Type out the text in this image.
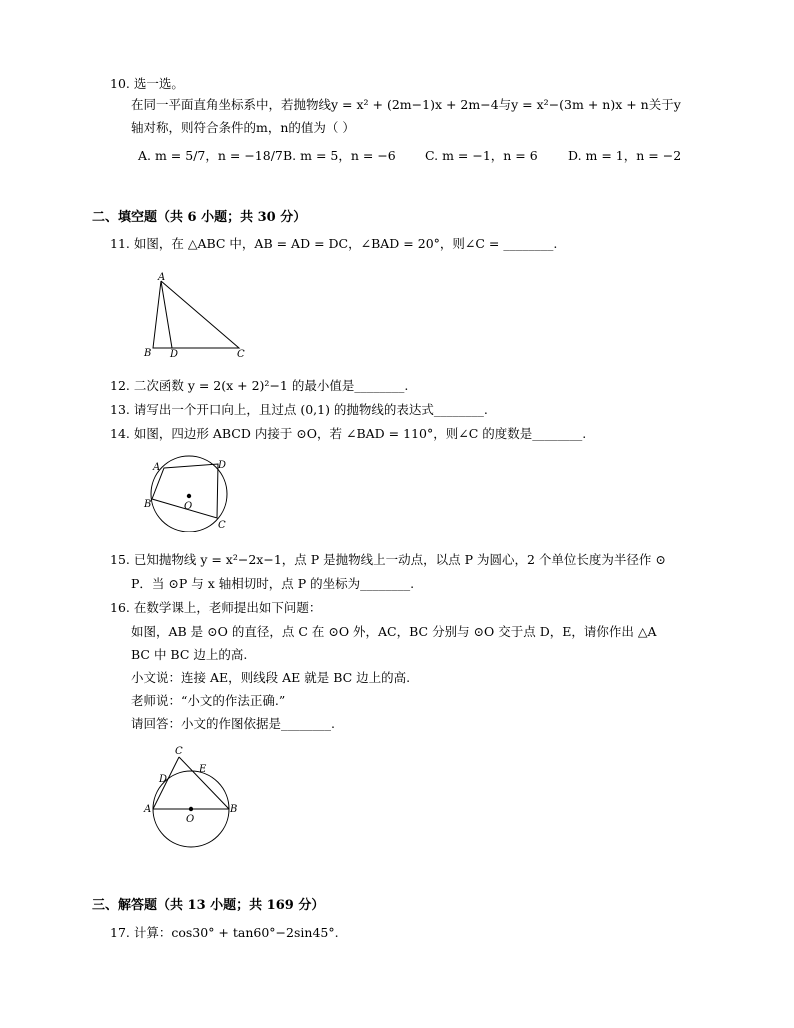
10. 选一选。
在同一平面直角坐标系中，若抛物线y = x² + (2m−1)x + 2m−4与y = x²−(3m + n)x + n关于y
轴对称，则符合条件的m，n的值为（ ）
A. m = 5/7，n = −18/7 B. m = 5，n = −6 C. m = −1，n = 6 D. m = 1，n = −2
二、填空题（共 6 小题；共 30 分）
11. 如图，在 △ABC 中，AB = AD = DC，∠BAD = 20°，则∠C = ________.
A
B D	C
12. 二次函数 y = 2(x + 2)²−1 的最小值是________.
13. 请写出一个开口向上，且过点 (0,1) 的抛物线的表达式________.
14. 如图，四边形 ABCD 内接于 ⊙O，若 ∠BAD = 110°，则∠C 的度数是________.
A
B
C
D
O
15. 已知抛物线 y = x²−2x−1，点 P 是抛物线上一动点，以点 P 为圆心，2 个单位长度为半径作 ⊙
P．当 ⊙P 与 x 轴相切时，点 P 的坐标为________.
16. 在数学课上，老师提出如下问题：
如图，AB 是 ⊙O 的直径，点 C 在 ⊙O 外，AC，BC 分别与 ⊙O 交于点 D，E，请你作出 △A
BC 中 BC 边上的高.
小文说：连接 AE，则线段 AE 就是 BC 边上的高.
老师说：“小文的作法正确.”
请回答：小文的作图依据是________.
C
D
E
A	B
O
三、解答题（共 13 小题；共 169 分）
17. 计算：cos30° + tan60°−2sin45°.
